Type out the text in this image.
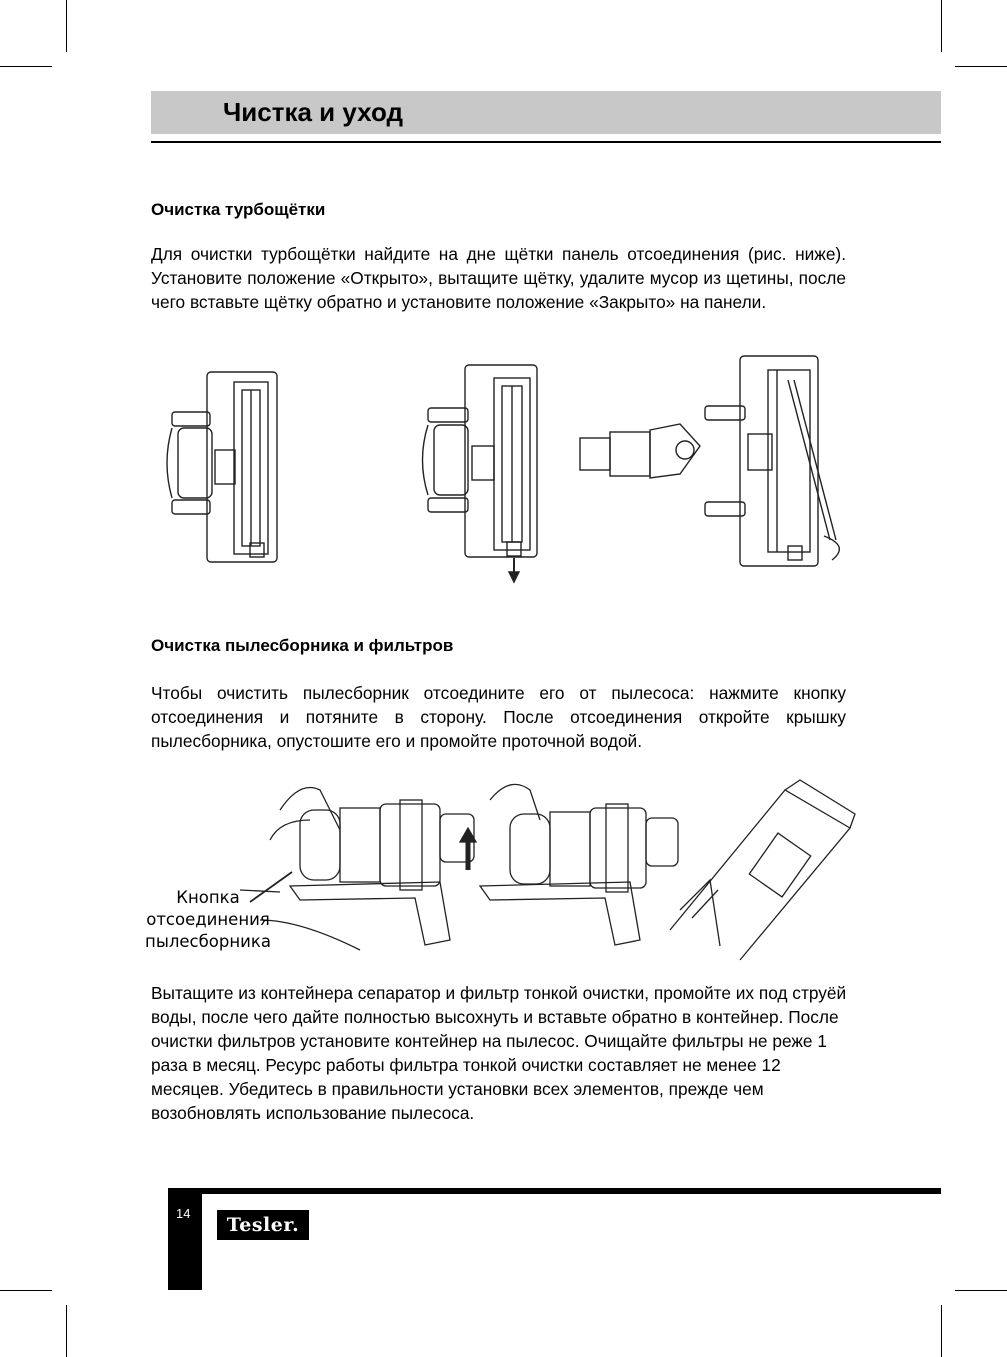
Чистка и уход
Очистка турбощётки
Для очистки турбощётки найдите на дне щётки панель отсоединения (рис. ниже). Установите положение «Открыто», вытащите щётку, удалите мусор из щетины, после чего вставьте щётку обратно и установите положение «Закрыто» на панели.
Очистка пылесборника и фильтров
Чтобы очистить пылесборник отсоедините его от пылесоса: нажмите кнопку отсоединения и потяните в сторону. После отсоединения откройте крышку пылесборника, опустошите его и промойте проточной водой.
Кнопка
отсоединения
пылесборника
Вытащите из контейнера сепаратор и фильтр тонкой очистки, промойте их под струёй воды, после чего дайте полностью высохнуть и вставьте обратно в контейнер. После очистки фильтров установите контейнер на пылесос. Очищайте фильтры не реже 1 раза в месяц. Ресурс работы фильтра тонкой очистки составляет не менее 12 месяцев. Убедитесь в правильности установки всех элементов, прежде чем возобновлять использование пылесоса.
14
Tesler.
